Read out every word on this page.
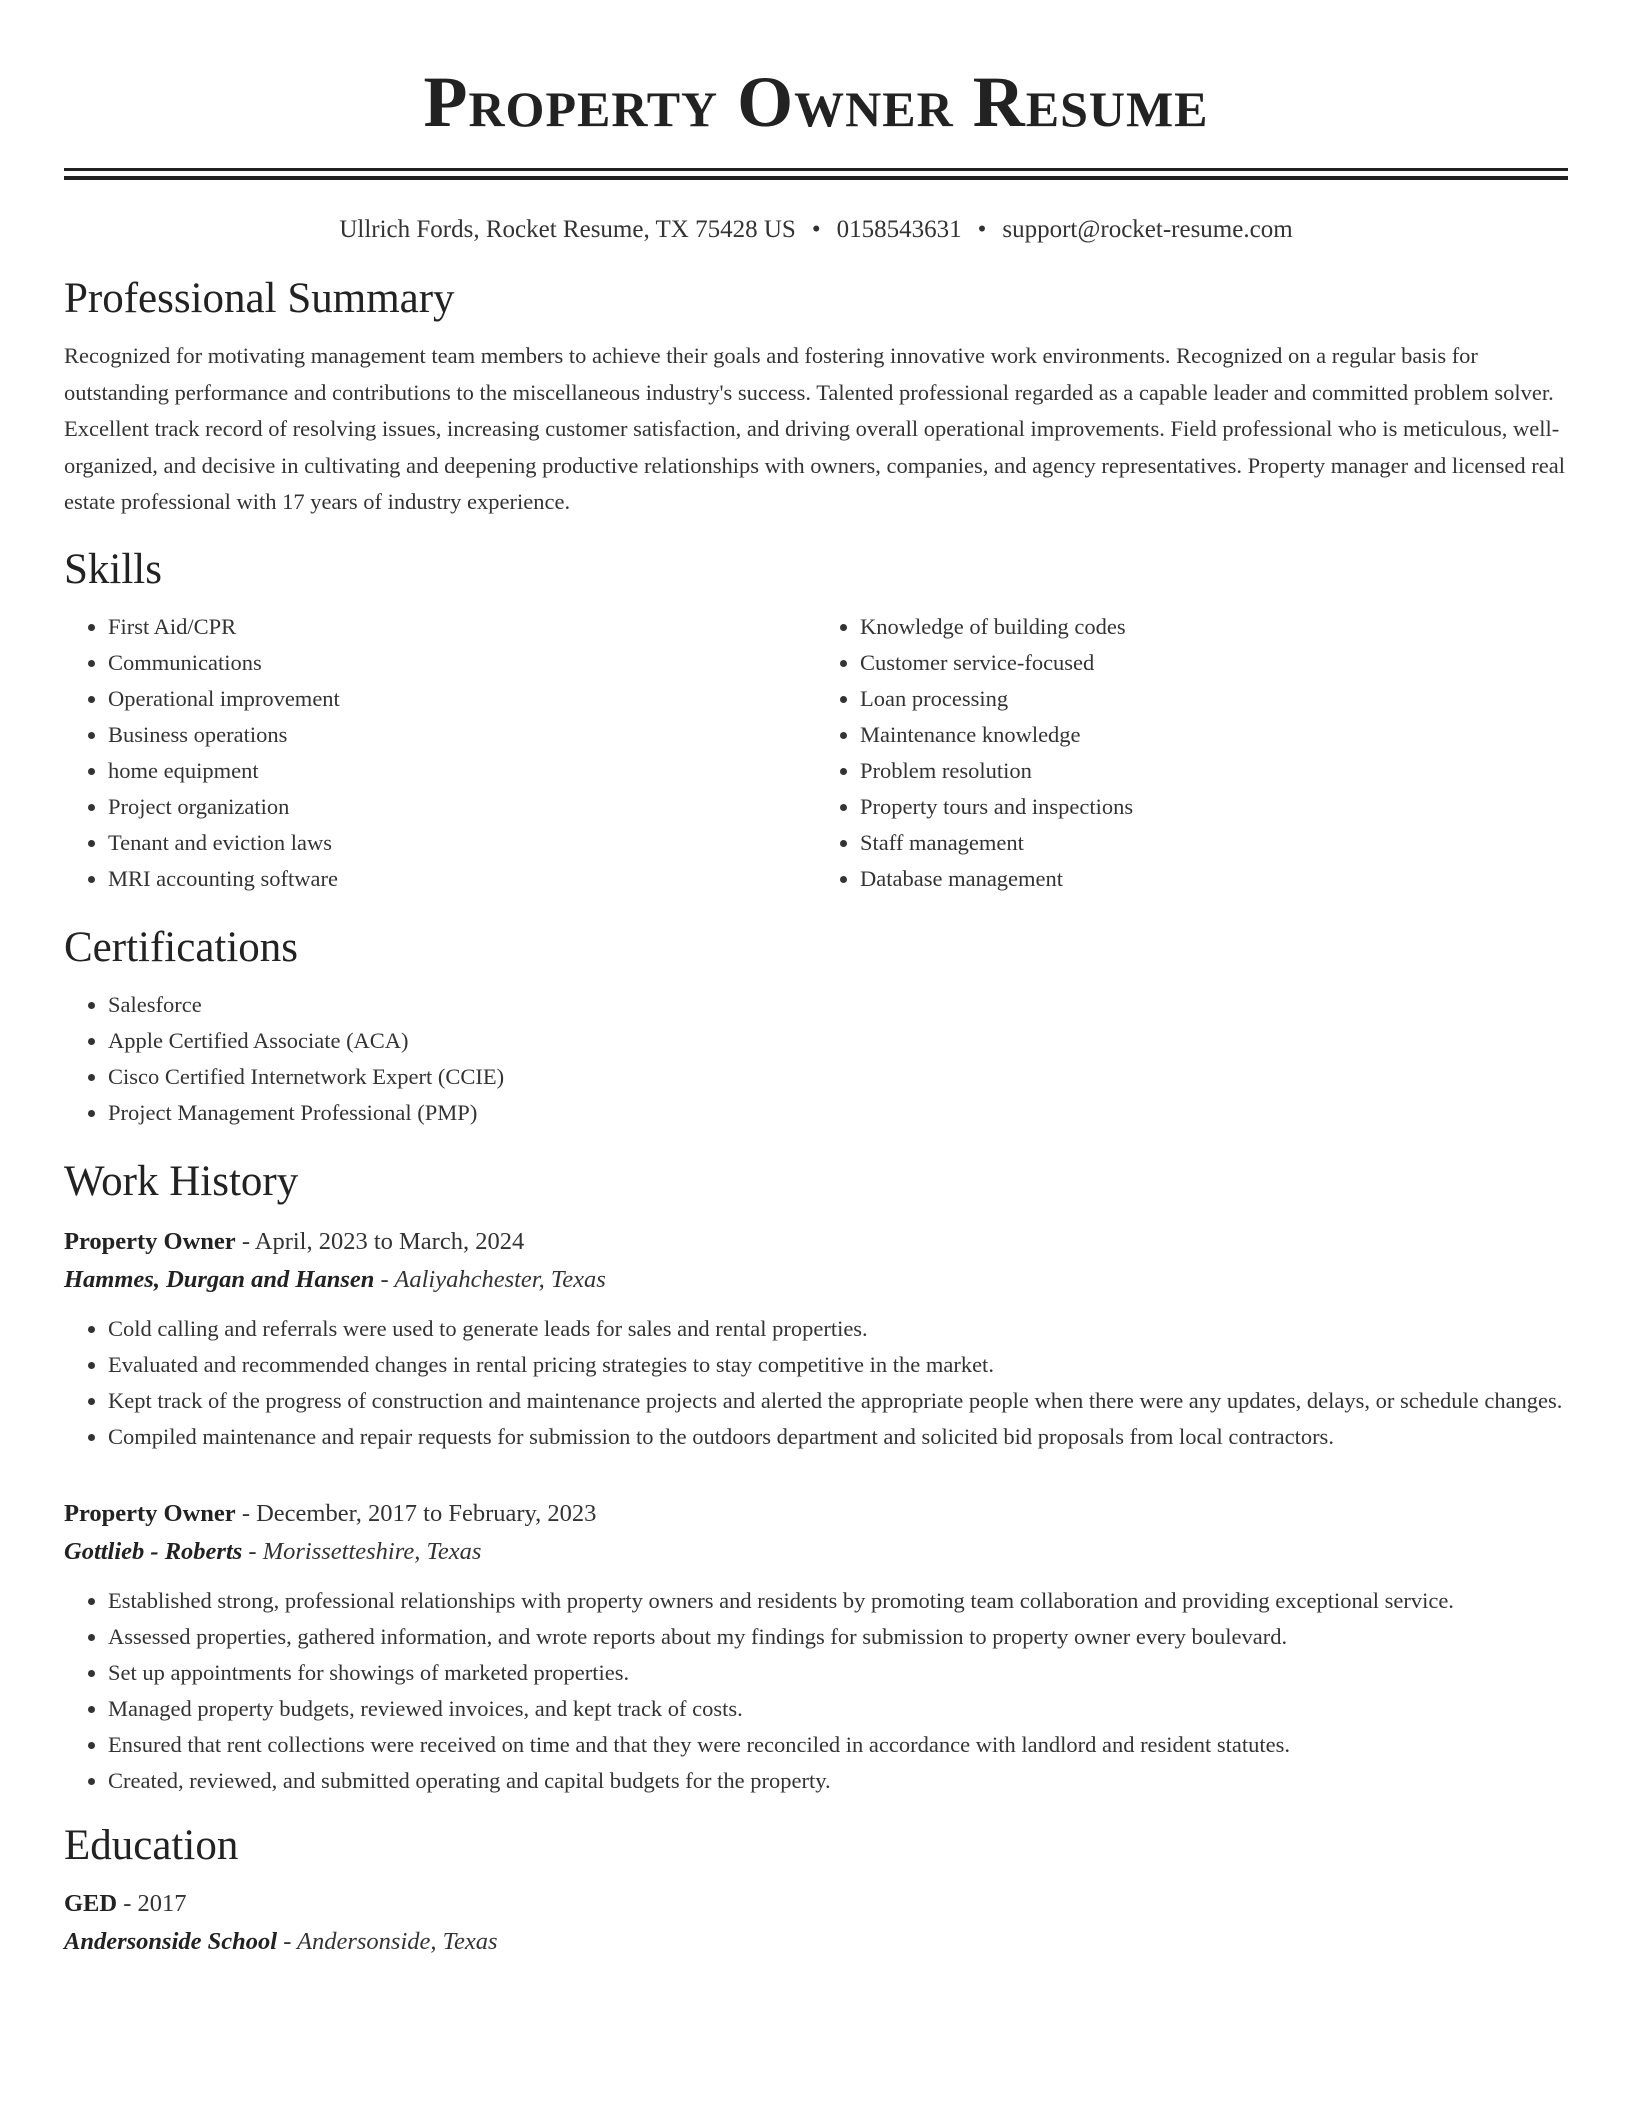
Property Owner Resume
Ullrich Fords, Rocket Resume, TX 75428 US • 0158543631 • support@rocket-resume.com
Professional Summary

Recognized for motivating management team members to achieve their goals and fostering innovative work environments. Recognized on a regular basis for outstanding performance and contributions to the miscellaneous industry's success. Talented professional regarded as a capable leader and committed problem solver. Excellent track record of resolving issues, increasing customer satisfaction, and driving overall operational improvements. Field professional who is meticulous, well-organized, and decisive in cultivating and deepening productive relationships with owners, companies, and agency representatives. Property manager and licensed real estate professional with 17 years of industry experience.

Skills
• First Aid/CPR
• Communications
• Operational improvement
• Business operations
• home equipment
• Project organization
• Tenant and eviction laws
• MRI accounting software
• Knowledge of building codes
• Customer service-focused
• Loan processing
• Maintenance knowledge
• Problem resolution
• Property tours and inspections
• Staff management
• Database management
Certifications
• Salesforce
• Apple Certified Associate (ACA)
• Cisco Certified Internetwork Expert (CCIE)
• Project Management Professional (PMP)
Work History
Property Owner - April, 2023 to March, 2024
Hammes, Durgan and Hansen - Aaliyahchester, Texas
• Cold calling and referrals were used to generate leads for sales and rental properties.
• Evaluated and recommended changes in rental pricing strategies to stay competitive in the market.
• Kept track of the progress of construction and maintenance projects and alerted the appropriate people when there were any updates, delays, or schedule changes.
• Compiled maintenance and repair requests for submission to the outdoors department and solicited bid proposals from local contractors.
Property Owner - December, 2017 to February, 2023
Gottlieb - Roberts - Morissetteshire, Texas
• Established strong, professional relationships with property owners and residents by promoting team collaboration and providing exceptional service.
• Assessed properties, gathered information, and wrote reports about my findings for submission to property owner every boulevard.
• Set up appointments for showings of marketed properties.
• Managed property budgets, reviewed invoices, and kept track of costs.
• Ensured that rent collections were received on time and that they were reconciled in accordance with landlord and resident statutes.
• Created, reviewed, and submitted operating and capital budgets for the property.
Education
GED - 2017
Andersonside School - Andersonside, Texas
